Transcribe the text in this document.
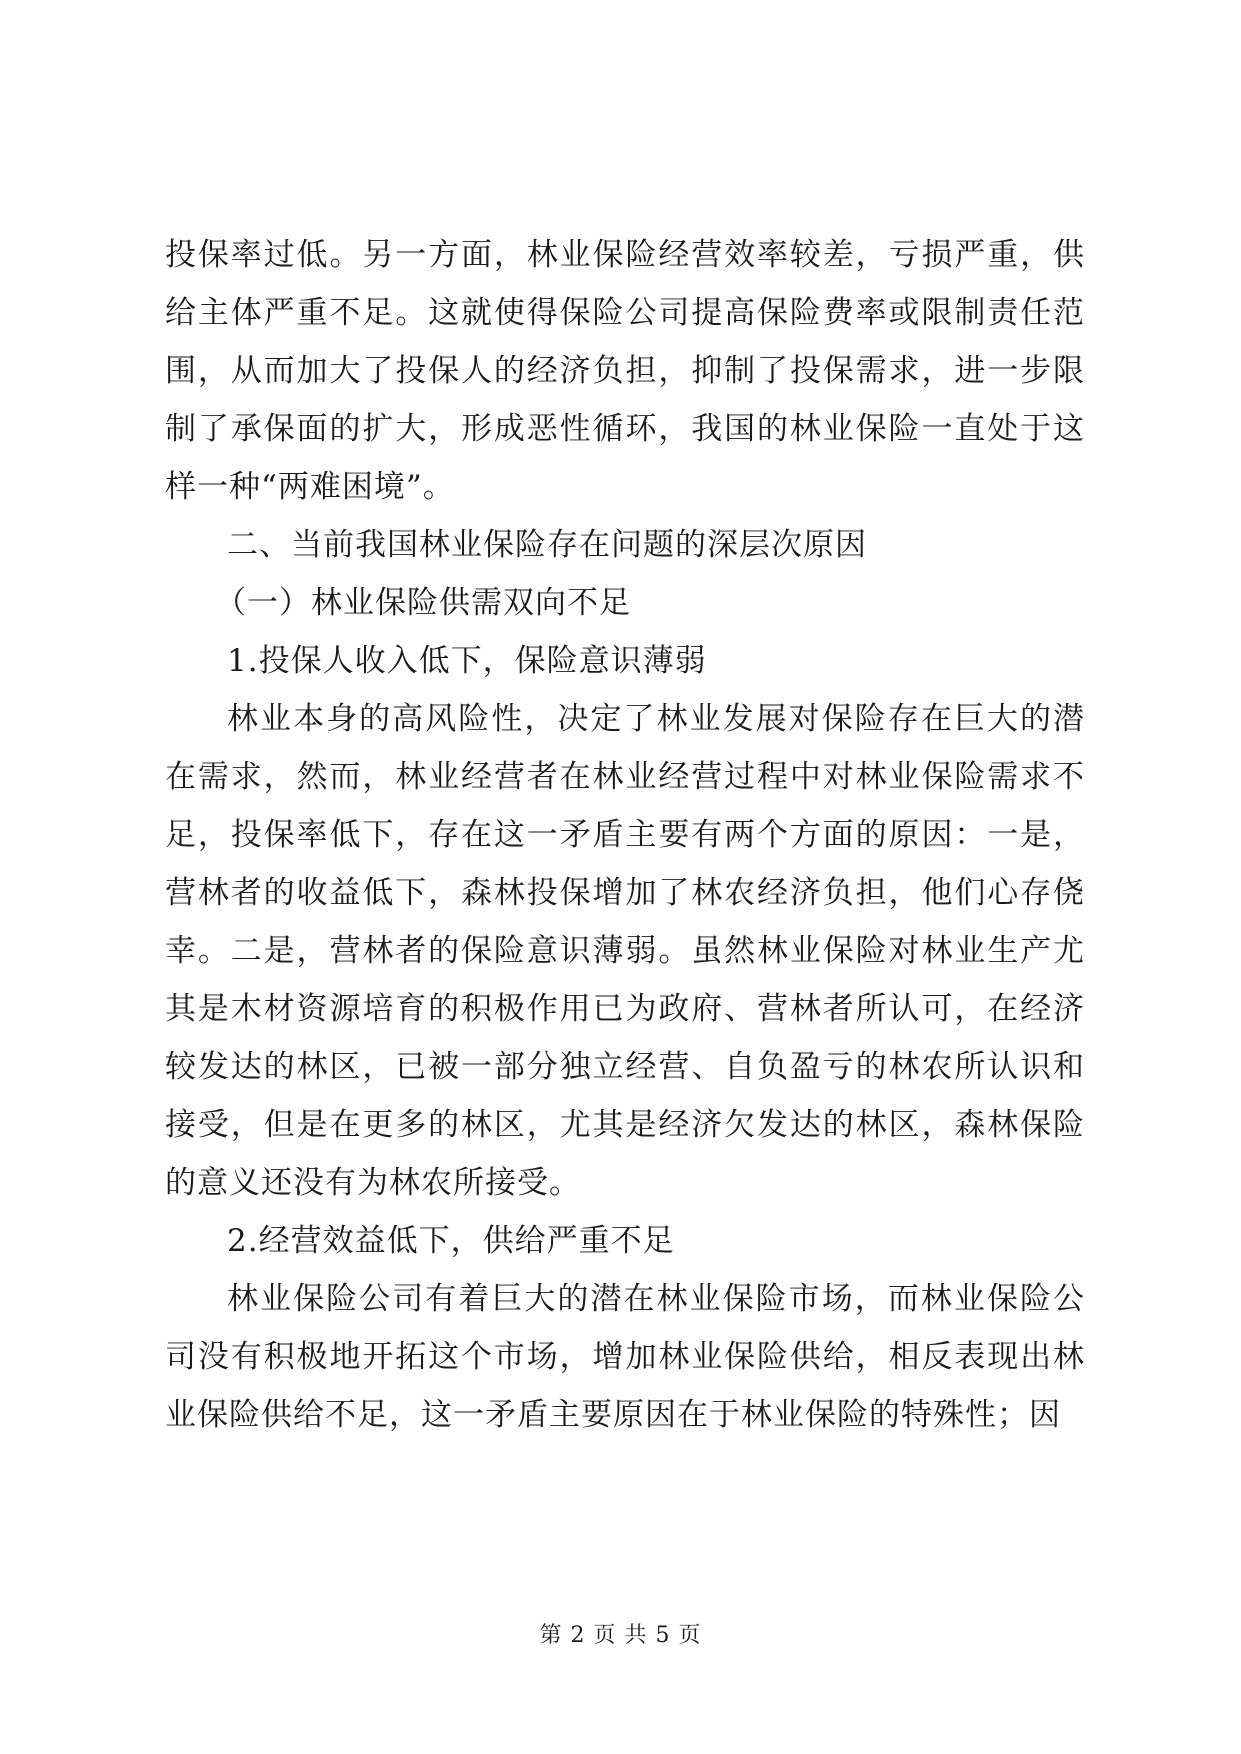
投保率过低。另一方面，林业保险经营效率较差，亏损严重，供给主体严重不足。这就使得保险公司提高保险费率或限制责任范围，从而加大了投保人的经济负担，抑制了投保需求，进一步限制了承保面的扩大，形成恶性循环，我国的林业保险一直处于这样一种“两难困境”。

二、当前我国林业保险存在问题的深层次原因

（一）林业保险供需双向不足

1.投保人收入低下，保险意识薄弱

林业本身的高风险性，决定了林业发展对保险存在巨大的潜在需求，然而，林业经营者在林业经营过程中对林业保险需求不足，投保率低下，存在这一矛盾主要有两个方面的原因：一是，营林者的收益低下，森林投保增加了林农经济负担，他们心存侥幸。二是，营林者的保险意识薄弱。虽然林业保险对林业生产尤其是木材资源培育的积极作用已为政府、营林者所认可，在经济较发达的林区，已被一部分独立经营、自负盈亏的林农所认识和接受，但是在更多的林区，尤其是经济欠发达的林区，森林保险的意义还没有为林农所接受。

2.经营效益低下，供给严重不足

林业保险公司有着巨大的潜在林业保险市场，而林业保险公司没有积极地开拓这个市场，增加林业保险供给，相反表现出林业保险供给不足，这一矛盾主要原因在于林业保险的特殊性；因

第 2 页 共 5 页
